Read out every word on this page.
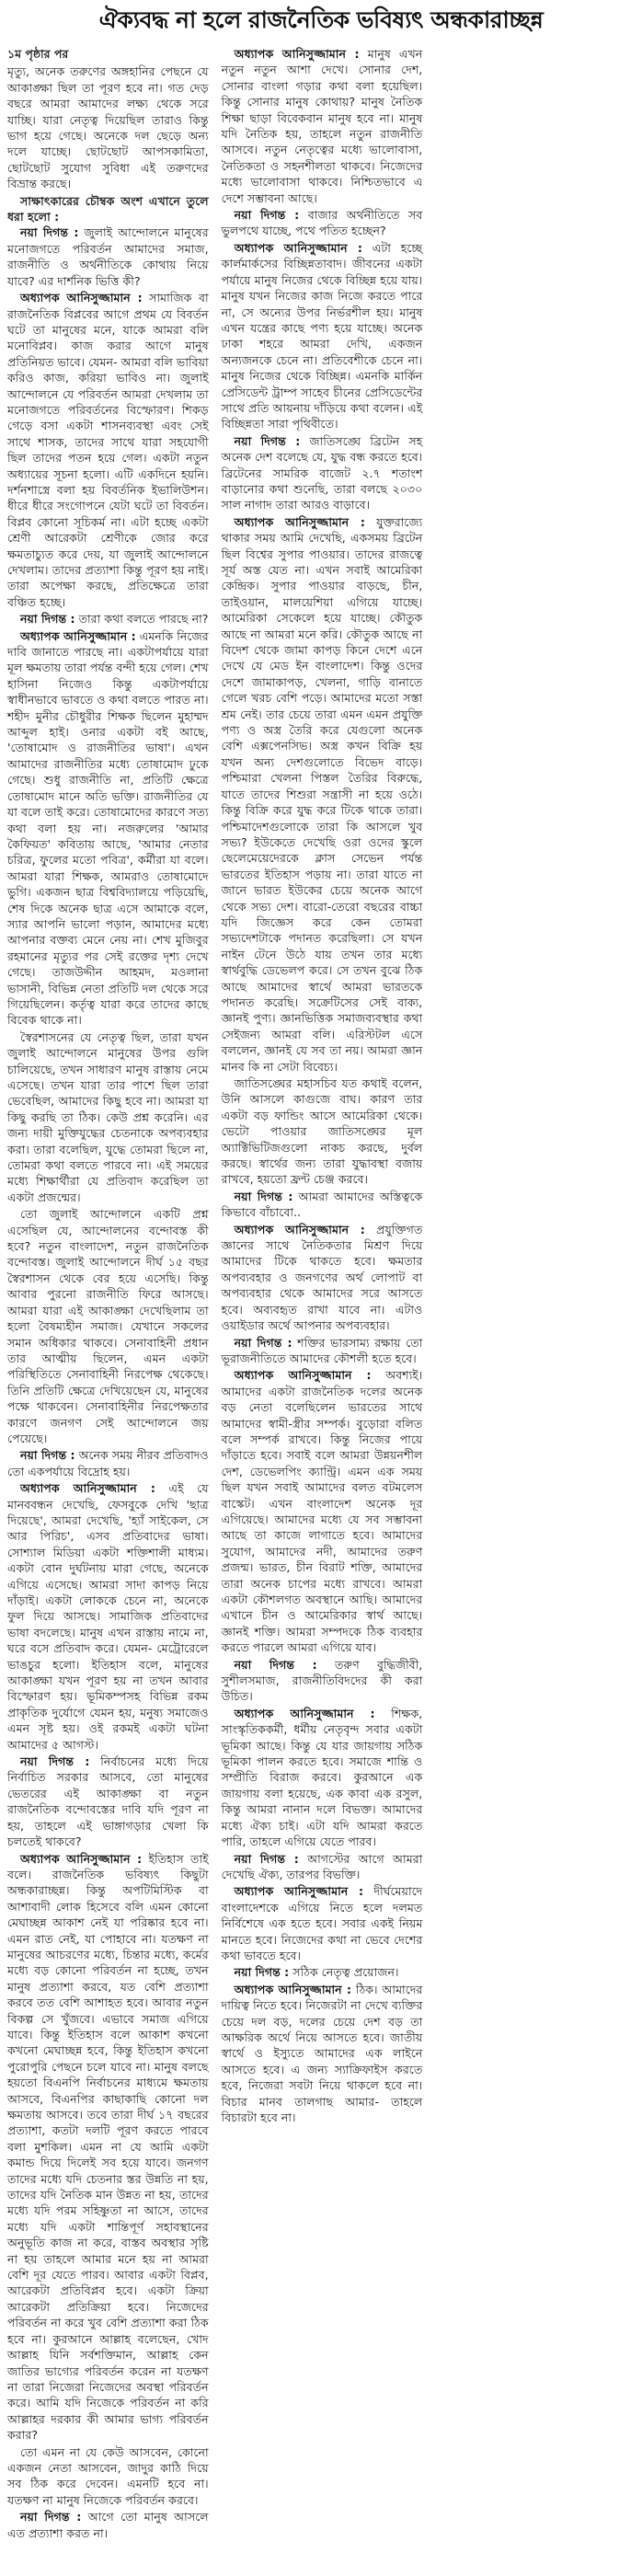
ঐক্যবদ্ধ না হলে রাজনৈতিক ভবিষ্যৎ অন্ধকারাচ্ছন্ন
১ম পৃষ্ঠার পর

মৃত্যু, অনেক তরুণের অঙ্গহানির পেছনে যে আকাঙ্ক্ষা ছিল তা পূরণ হবে না। গত দেড় বছরে আমরা আমাদের লক্ষ্য থেকে সরে যাচ্ছি। যারা নেতৃত্ব দিয়েছিল তারাও কিন্তু ভাগ হয়ে গেছে। অনেকে দল ছেড়ে অন্য দলে যাচ্ছে। ছোটছোট আপসকামিতা, ছোটছোট সুযোগ সুবিধা এই তরুণদের বিভ্রান্ত করছে।

সাক্ষাৎকারের চৌম্বক অংশ এখানে তুলে ধরা হলো :

নয়া দিগন্ত : জুলাই আন্দোলনে মানুষের মনোজগতে পরিবর্তন আমাদের সমাজ, রাজনীতি ও অর্থনীতিকে কোথায় নিয়ে যাবে? এর দার্শনিক ভিত্তি কী?

অধ্যাপক আনিসুজ্জামান : সামাজিক বা রাজনৈতিক বিপ্লবের আগে প্রথম যে বিবর্তন ঘটে তা মানুষের মনে, যাকে আমরা বলি মনোবিপ্লব। কাজ করার আগে মানুষ প্রতিনিয়ত ভাবে। যেমন- আমরা বলি ভাবিয়া করিও কাজ, করিয়া ভাবিও না। জুলাই আন্দোলনে যে পরিবর্তন আমরা দেখলাম তা মনোজগতে পরিবর্তনের বিস্ফোরণ। শিকড় গেড়ে বসা একটা শাসনব্যবস্থা এবং সেই সাথে শাসক, তাদের সাথে যারা সহযোগী ছিল তাদের পতন হয়ে গেল। একটা নতুন অধ্যায়ের সূচনা হলো। এটি একদিনে হয়নি। দর্শনশাস্ত্রে বলা হয় বিবর্তনিক ইভালিউশন। ধীরে ধীরে সংগোপনে যেটা ঘটে তা বিবর্তন। বিপ্লব কোনো সূচিকর্ম না। এটা হচ্ছে একটা শ্রেণী আরেকটা শ্রেণীকে জোর করে ক্ষমতাচ্যুত করে দেয়, যা জুলাই আন্দোলনে দেখলাম। তাদের প্রত্যাশা কিন্তু পূরণ হয় নাই। তারা অপেক্ষা করছে, প্রতিক্ষেত্রে তারা বঞ্চিত হচ্ছে।

নয়া দিগন্ত : তারা কথা বলতে পারছে না?

অধ্যাপক আনিসুজ্জামান : এমনকি নিজের দাবি জানাতে পারছে না। একটাপর্যায়ে যারা মূল ক্ষমতায় তারা পর্যন্ত বন্দী হয়ে গেল। শেখ হাসিনা নিজেও কিন্তু একটাপর্যায়ে স্বাধীনভাবে ভাবতে ও কথা বলতে পারত না। শহীদ মুনীর চৌধুরীর শিক্ষক ছিলেন মুহাম্মদ আব্দুল হাই। ওনার একটা বই আছে, 'তোষামোদ ও রাজনীতির ভাষা'। এখন আমাদের রাজনীতির মধ্যে তোষামোদ ঢুকে গেছে। শুধু রাজনীতি না, প্রতিটি ক্ষেত্রে তোষামোদ মানে অতি ভক্তি। রাজনীতির যে যা বলে তাই করে। তোষামোদের কারণে সত্য কথা বলা হয় না। নজরুলের 'আমার কৈফিয়ত' কবিতায় আছে, 'আমার নেতার চরিত্র, ফুলের মতো পবিত্র', কর্মীরা যা বলে। আমরা যারা শিক্ষক, আমরাও তোষামোদে ভুগি। একজন ছাত্র বিশ্ববিদ্যালয়ে পড়িয়েছি, শেষ দিকে অনেক ছাত্র এসে আমাকে বলে, স্যার আপনি ভালো পড়ান, আমাদের মধ্যে আপনার বক্তব্য মেনে নেয় না। শেখ মুজিবুর রহমানের মৃত্যুর পর সেই রক্তের দৃশ্য দেখে গেছে। তাজউদ্দীন আহমদ, মওলানা ভাসানী, বিভিন্ন নেতা প্রতিটি দল থেকে সরে গিয়েছিলেন। কর্তৃত্ব যারা করে তাদের কাছে বিবেক থাকে না।

স্বৈরশাসনের যে নেতৃত্ব ছিল, তারা যখন জুলাই আন্দোলনে মানুষের উপর গুলি চালিয়েছে, তখন সাধারণ মানুষ রাস্তায় নেমে এসেছে। তখন যারা তার পাশে ছিল তারা ভেবেছিল, আমাদের কিছু হবে না। আমরা যা কিছু করছি তা ঠিক। কেউ প্রশ্ন করেনি। এর জন্য দায়ী মুক্তিযুদ্ধের চেতনাকে অপব্যবহার করা। তারা বলেছিল, যুদ্ধে তোমরা ছিলে না, তোমরা কথা বলতে পারবে না। এই সময়ের মধ্যে শিক্ষার্থীরা যে প্রতিবাদ করেছিল তা একটা প্রজন্মের।

তো জুলাই আন্দোলনে একটি প্রশ্ন এসেছিল যে, আন্দোলনের বন্দোবস্ত কী হবে? নতুন বাংলাদেশ, নতুন রাজনৈতিক বন্দোবস্ত। জুলাই আন্দোলনে দীর্ঘ ১৫ বছর স্বৈরশাসন থেকে বের হয়ে এসেছি। কিন্তু আবার পুরনো রাজনীতি ফিরে আসছে। আমরা যারা এই আকাঙ্ক্ষা দেখেছিলাম তা হলো বৈষম্যহীন সমাজ। যেখানে সকলের সমান অধিকার থাকবে। সেনাবাহিনী প্রধান তার আত্মীয় ছিলেন, এমন একটা পরিস্থিতিতে সেনাবাহিনী নিরপেক্ষ থেকেছে। তিনি প্রতিটি ক্ষেত্রে দেখিয়েছেন যে, মানুষের পক্ষে থাকবেন। সেনাবাহিনীর নিরপেক্ষতার কারণে জনগণ সেই আন্দোলনে জয় পেয়েছে।

নয়া দিগন্ত : অনেক সময় নীরব প্রতিবাদও তো একপর্যায়ে বিদ্রোহ হয়।

অধ্যাপক আনিসুজ্জামান : এই যে মানববন্ধন দেখেছি, ফেসবুকে দেখি 'ছাত্র দিয়েছে', আমরা দেখেছি, 'হ্যাঁ সাইকেল, সে আর পিরিচ', এসব প্রতিবাদের ভাষা। সোশ্যাল মিডিয়া একটা শক্তিশালী মাধ্যম। একটা বোন দুর্ঘটনায় মারা গেছে, অনেকে এগিয়ে এসেছে। আমরা সাদা কাপড় নিয়ে দাঁড়াই। একটা লোককে চেনে না, অনেকে ফুল দিয়ে আসছে। সামাজিক প্রতিবাদের ভাষা বদলেছে। মানুষ এখন রাস্তায় নামে না, ঘরে বসে প্রতিবাদ করে। যেমন- মেট্রোরেলে ভাঙচুর হলো। ইতিহাস বলে, মানুষের আকাঙ্ক্ষা যখন পূরণ হয় না তখন আবার বিস্ফোরণ হয়। ভূমিকম্পসহ বিভিন্ন রকম প্রাকৃতিক দুর্যোগে যেমন হয়, মনুষ্য সমাজেও এমন সৃষ্ট হয়। ওই রকমই একটা ঘটনা আমাদের ৫ আগস্ট।

নয়া দিগন্ত : নির্বাচনের মধ্যে দিয়ে নির্বাচিত সরকার আসবে, তো মানুষের ভেতরের এই আকাঙ্ক্ষা বা নতুন রাজনৈতিক বন্দোবস্তের দাবি যদি পূরণ না হয়, তাহলে এই ভাঙ্গাগড়ার খেলা কি চলতেই থাকবে?

অধ্যাপক আনিসুজ্জামান : ইতিহাস তাই বলে। রাজনৈতিক ভবিষ্যৎ কিছুটা অন্ধকারাচ্ছন্ন। কিন্তু অপটিমিস্টিক বা আশাবাদী লোক হিসেবে বলি এমন কোনো মেঘাচ্ছন্ন আকাশ নেই যা পরিষ্কার হবে না। এমন রাত নেই, যা পোহাবে না। যতক্ষণ না মানুষের আচরণের মধ্যে, চিন্তার মধ্যে, কর্মের মধ্যে বড় কোনো পরিবর্তন না হচ্ছে, তখন মানুষ প্রত্যাশা করবে, যত বেশি প্রত্যাশা করবে তত বেশি আশাহত হবে। আবার নতুন বিকল্প সে খুঁজবে। এভাবে সমাজ এগিয়ে যাবে। কিন্তু ইতিহাস বলে আকাশ কখনো কখনো মেঘাচ্ছন্ন হবে, কিন্তু ইতিহাস কখনো পুরোপুরি পেছনে চলে যাবে না। মানুষ বলছে হয়তো বিএনপি নির্বাচনের মাধ্যমে ক্ষমতায় আসবে, বিএনপির কাছাকাছি কোনো দল ক্ষমতায় আসবে। তবে তারা দীর্ঘ ১৭ বছরের প্রত্যাশা, কতটা দলটি পূরণ করতে পারবে বলা মুশকিল। এমন না যে আমি একটা কমান্ড দিয়ে দিলেই সব হয়ে যাবে। জনগণ তাদের মধ্যে যদি চেতনার স্তর উন্নতি না হয়, তাদের যদি নৈতিক মান উন্নত না হয়, তাদের মধ্যে যদি পরম সহিষ্ণুতা না আসে, তাদের মধ্যে যদি একটা শান্তিপূর্ণ সহাবস্থানের অনুভূতি কাজ না করে, বাস্তব অবস্থার সৃষ্টি না হয় তাহলে আমার মনে হয় না আমরা বেশি দূর যেতে পারব। আবার একটা বিপ্লব, আরেকটা প্রতিবিপ্লব হবে। একটা ক্রিয়া আরেকটা প্রতিক্রিয়া হবে। নিজেদের পরিবর্তন না করে খুব বেশি প্রত্যাশা করা ঠিক হবে না। কুরআনে আল্লাহ বলেছেন, খোদ আল্লাহ যিনি সর্বশক্তিমান, আল্লাহ কেন জাতির ভাগ্যের পরিবর্তন করেন না যতক্ষণ না তারা নিজেরা নিজেদের অবস্থা পরিবর্তন করে। আমি যদি নিজেকে পরিবর্তন না করি আল্লাহর দরকার কী আমার ভাগ্য পরিবর্তন করার?

তো এমন না যে কেউ আসবেন, কোনো একজন নেতা আসবেন, জাদুর কাঠি দিয়ে সব ঠিক করে দেবেন। এমনটি হবে না। যতক্ষণ না মানুষ নিজেকে পরিবর্তন করবে।

নয়া দিগন্ত : আগে তো মানুষ আসলে এত প্রত্যাশা করত না।

অধ্যাপক আনিসুজ্জামান : মানুষ এখন নতুন নতুন আশা দেখে। সোনার দেশ, সোনার বাংলা গড়ার কথা বলা হয়েছিল। কিন্তু সোনার মানুষ কোথায়? মানুষ নৈতিক শিক্ষা ছাড়া বিবেকবান মানুষ হবে না। মানুষ যদি নৈতিক হয়, তাহলে নতুন রাজনীতি আসবে। নতুন নেতৃত্বের মধ্যে ভালোবাসা, নৈতিকতা ও সহনশীলতা থাকবে। নিজেদের মধ্যে ভালোবাসা থাকবে। নিশ্চিতভাবে এ দেশে সম্ভাবনা আছে।

নয়া দিগন্ত : বাজার অর্থনীতিতে সব ভুলপথে যাচ্ছে, পথে পতিত হচ্ছেন?

অধ্যাপক আনিসুজ্জামান : এটা হচ্ছে কার্লমার্কসের বিচ্ছিন্নতাবাদ। জীবনের একটা পর্যায়ে মানুষ নিজের থেকে বিচ্ছিন্ন হয়ে যায়। মানুষ যখন নিজের কাজ নিজে করতে পারে না, সে অন্যের উপর নির্ভরশীল হয়। মানুষ এখন যন্ত্রের কাছে পণ্য হয়ে যাচ্ছে। অনেক ঢাকা শহরে আমরা দেখি, একজন অন্যজনকে চেনে না। প্রতিবেশীকে চেনে না। মানুষ নিজের থেকে বিচ্ছিন্ন। এমনকি মার্কিন প্রেসিডেন্ট ট্রাম্প সাহেব চীনের প্রেসিডেন্টের সাথে প্রতি আয়নায় দাঁড়িয়ে কথা বলেন। এই বিচ্ছিন্নতা সারা পৃথিবীতে।

নয়া দিগন্ত : জাতিসঙ্ঘে ব্রিটেন সহ অনেক দেশ বলেছে যে, যুদ্ধ বন্ধ করতে হবে। ব্রিটেনের সামরিক বাজেট ২.৭ শতাংশ বাড়ানোর কথা শুনেছি, তারা বলছে ২০৩০ সাল নাগাদ তারা আরও বাড়াবে।

অধ্যাপক আনিসুজ্জামান : যুক্তরাজ্যে থাকার সময় আমি দেখেছি, একসময় ব্রিটেন ছিল বিশ্বের সুপার পাওয়ার। তাদের রাজত্বে সূর্য অস্ত যেত না। এখন সবাই আমেরিকা কেন্দ্রিক। সুপার পাওয়ার বাড়ছে, চীন, তাইওয়ান, মালয়েশিয়া এগিয়ে যাচ্ছে। আমেরিকা সেকেলে হয়ে যাচ্ছে। কৌতুক আছে না আমরা মনে করি। কৌতুক আছে না বিদেশ থেকে জামা কাপড় কিনে দেশে এনে দেখে যে মেড ইন বাংলাদেশ। কিন্তু ওদের দেশে জামাকাপড়, খেলনা, গাড়ি বানাতে গেলে খরচ বেশি পড়ে। আমাদের মতো সস্তা শ্রম নেই। তার চেয়ে তারা এমন এমন প্রযুক্তি পণ্য ও অস্ত্র তৈরি করে যেগুলো অনেক বেশি এক্সপেনসিভ। অস্ত্র কখন বিক্রি হয় যখন অন্য দেশগুলোতে বিভেদ বাড়ে। পশ্চিমারা খেলনা পিস্তল তৈরির বিরুদ্ধে, যাতে তাদের শিশুরা সন্ত্রাসী না হয়ে ওঠে। কিন্তু বিক্রি করে যুদ্ধ করে টিকে থাকে তারা। পশ্চিমাদেশগুলোকে তারা কি আসলে খুব সভ্য? ইউকেতে দেখেছি ওরা ওদের স্কুলে ছেলেমেয়েদেরকে ক্লাস সেভেন পর্যন্ত ভারতের ইতিহাস পড়ায় না। তারা যাতে না জানে ভারত ইউকের চেয়ে অনেক আগে থেকে সভ্য দেশ। বারো-তেরো বছরের বাচ্চা যদি জিজ্ঞেস করে কেন তোমরা সভ্যদেশটাকে পদানত করেছিলা। সে যখন নাইন টেনে উঠে যায় তখন তার মধ্যে স্বার্থবুদ্ধি ডেভেলপ করে। সে তখন বুঝে ঠিক আছে আমাদের স্বার্থে আমরা ভারতকে পদানত করেছি। সক্রেটিসের সেই বাক্য, জ্ঞানই পুণ্য। জ্ঞানভিত্তিক সমাজব্যবস্থার কথা সেইজন্য আমরা বলি। এরিস্টটল এসে বললেন, জ্ঞানই যে সব তা নয়। আমরা জ্ঞান মানব কি না সেটা বিবেচ্য।

জাতিসঙ্ঘের মহাসচিব যত কথাই বলেন, উনি আসলে কাগুজে বাঘ। কারণ তার একটা বড় ফান্ডিং আসে আমেরিকা থেকে। ভেটো পাওয়ার জাতিসঙ্ঘের মূল অ্যাক্টিভিটিজগুলো নাকচ করছে, দুর্বল করছে। স্বার্থের জন্য তারা যুদ্ধাবস্থা বজায় রাখবে, হয়তো ফ্রন্ট চেঞ্জ করবে।

নয়া দিগন্ত : আমরা আমাদের অস্তিত্বকে কিভাবে বাঁচাবো..

অধ্যাপক আনিসুজ্জামান : প্রযুক্তিগত জ্ঞানের সাথে নৈতিকতার মিশ্রণ দিয়ে আমাদের টিকে থাকতে হবে। ক্ষমতার অপব্যবহার ও জনগণের অর্থ লোপাট বা অপব্যবহার থেকে আমাদের সরে আসতে হবে। অব্যবহৃত রাখা যাবে না। এটাও ওয়াইডার অর্থে আপনার অপব্যবহার।

নয়া দিগন্ত : শক্তির ভারসাম্য রক্ষায় তো ভূরাজনীতিতে আমাদের কৌশলী হতে হবে।

অধ্যাপক আনিসুজ্জামান : অবশ্যই। আমাদের একটা রাজনৈতিক দলের অনেক বড় নেতা বলেছিলেন ভারতের সাথে আমাদের স্বামী-স্ত্রীর সম্পর্ক। বুড়োরা বলিত বলে সম্পর্ক রাখবে। কিন্তু নিজের পায়ে দাঁড়াতে হবে। সবাই বলে আমরা উন্নয়নশীল দেশ, ডেভেলপিং ক্যান্ট্রি। এমন এক সময় ছিল যখন সবাই আমাদের বলত বটমলেস বাস্কেট। এখন বাংলাদেশ অনেক দূর এগিয়েছে। আমাদের মধ্যে যে সব সম্ভাবনা আছে তা কাজে লাগাতে হবে। আমাদের সুযোগ, আমাদের নদী, আমাদের তরুণ প্রজন্ম। ভারত, চীন বিরাট শক্তি, আমাদের তারা অনেক চাপের মধ্যে রাখবে। আমরা একটা কৌশলগত অবস্থানে আছি। আমাদের এখানে চীন ও আমেরিকার স্বার্থ আছে। জ্ঞানই শক্তি। আমরা সম্পদকে ঠিক ব্যবহার করতে পারলে আমরা এগিয়ে যাব।

নয়া দিগন্ত : তরুণ বুদ্ধিজীবী, সুশীলসমাজ, রাজনীতিবিদদের কী করা উচিত।

অধ্যাপক আনিসুজ্জামান : শিক্ষক, সাংস্কৃতিককর্মী, ধর্মীয় নেতৃবৃন্দ সবার একটা ভূমিকা আছে। কিন্তু যে যার জায়গায় সঠিক ভূমিকা পালন করতে হবে। সমাজে শান্তি ও সম্প্রীতি বিরাজ করবে। কুরআনে এক জায়গায় বলা হয়েছে, এক কাবা এক রসুল, কিন্তু আমরা নানান দলে বিভক্ত। আমাদের মধ্যে ঐক্য চাই। এটা যদি আমরা করতে পারি, তাহলে এগিয়ে যেতে পারব।

নয়া দিগন্ত : আগস্টের আগে আমরা দেখেছি ঐক্য, তারপর বিভক্তি।

অধ্যাপক আনিসুজ্জামান : দীর্ঘমেয়াদে বাংলাদেশকে এগিয়ে নিতে হলে দলমত নির্বিশেষে এক হতে হবে। সবার একই নিয়ম মানতে হবে। নিজেদের কথা না ভেবে দেশের কথা ভাবতে হবে।

নয়া দিগন্ত : সঠিক নেতৃত্ব প্রয়োজন।

অধ্যাপক আনিসুজ্জামান : ঠিক। আমাদের দায়িত্ব নিতে হবে। নিজেরটা না দেখে ব্যক্তির চেয়ে দল বড়, দলের চেয়ে দেশ বড় তা আক্ষরিক অর্থে নিয়ে আসতে হবে। জাতীয় স্বার্থে ও ইস্যুতে আমাদের এক লাইনে আসতে হবে। এ জন্য স্যাক্রিফাইস করতে হবে, নিজেরা সবটা নিয়ে থাকলে হবে না। বিচার মানব তালগাছ আমার- তাহলে বিচারটা হবে না।
